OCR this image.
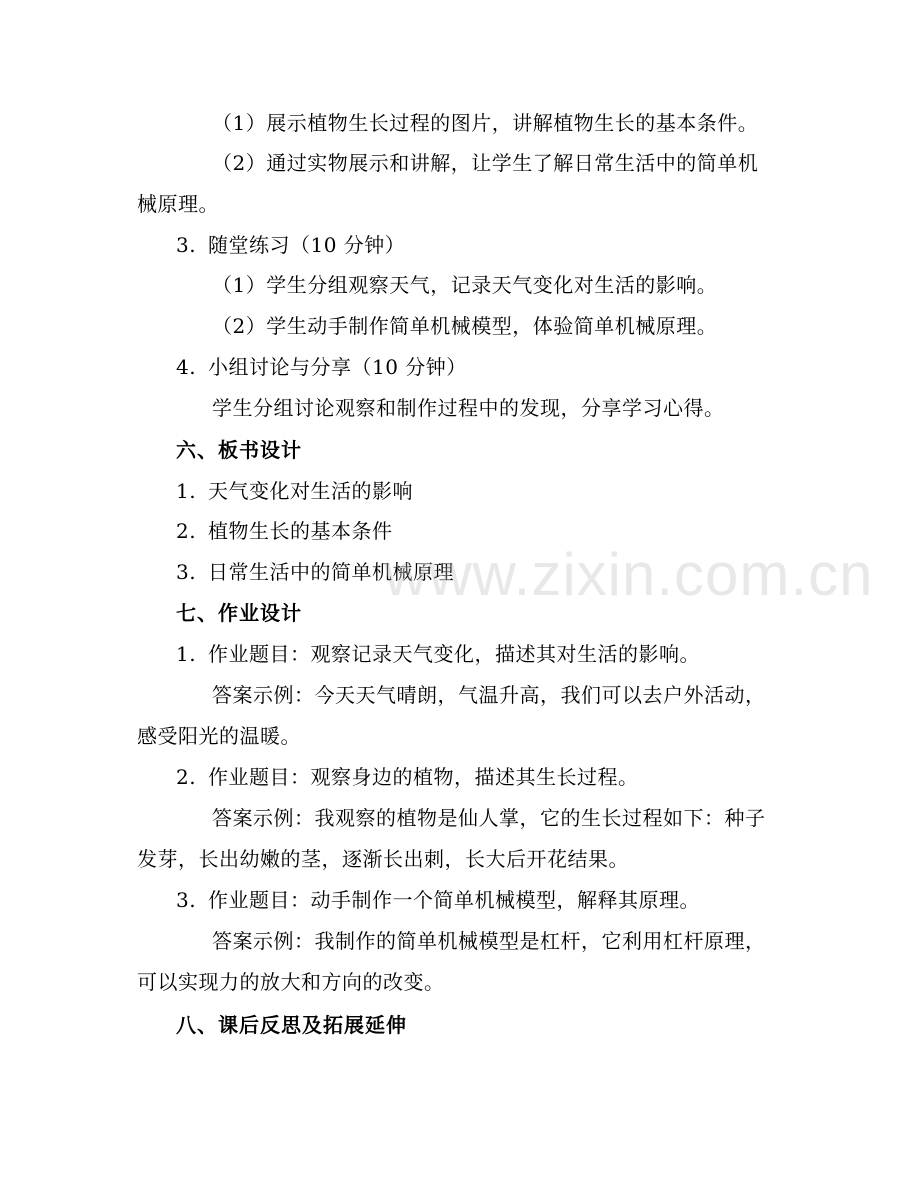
（1）展示植物生长过程的图片，讲解植物生长的基本条件。
（2）通过实物展示和讲解，让学生了解日常生活中的简单机
械原理。
3. 随堂练习（10 分钟）
（1）学生分组观察天气，记录天气变化对生活的影响。
（2）学生动手制作简单机械模型，体验简单机械原理。
4. 小组讨论与分享（10 分钟）
学生分组讨论观察和制作过程中的发现，分享学习心得。
六、板书设计
1. 天气变化对生活的影响
2. 植物生长的基本条件
3. 日常生活中的简单机械原理
七、作业设计
1. 作业题目：观察记录天气变化，描述其对生活的影响。
答案示例：今天天气晴朗，气温升高，我们可以去户外活动，
感受阳光的温暖。
2. 作业题目：观察身边的植物，描述其生长过程。
答案示例：我观察的植物是仙人掌，它的生长过程如下：种子
发芽，长出幼嫩的茎，逐渐长出刺，长大后开花结果。
3. 作业题目：动手制作一个简单机械模型，解释其原理。
答案示例：我制作的简单机械模型是杠杆，它利用杠杆原理，
可以实现力的放大和方向的改变。
八、课后反思及拓展延伸
www.zixin.com.cn
